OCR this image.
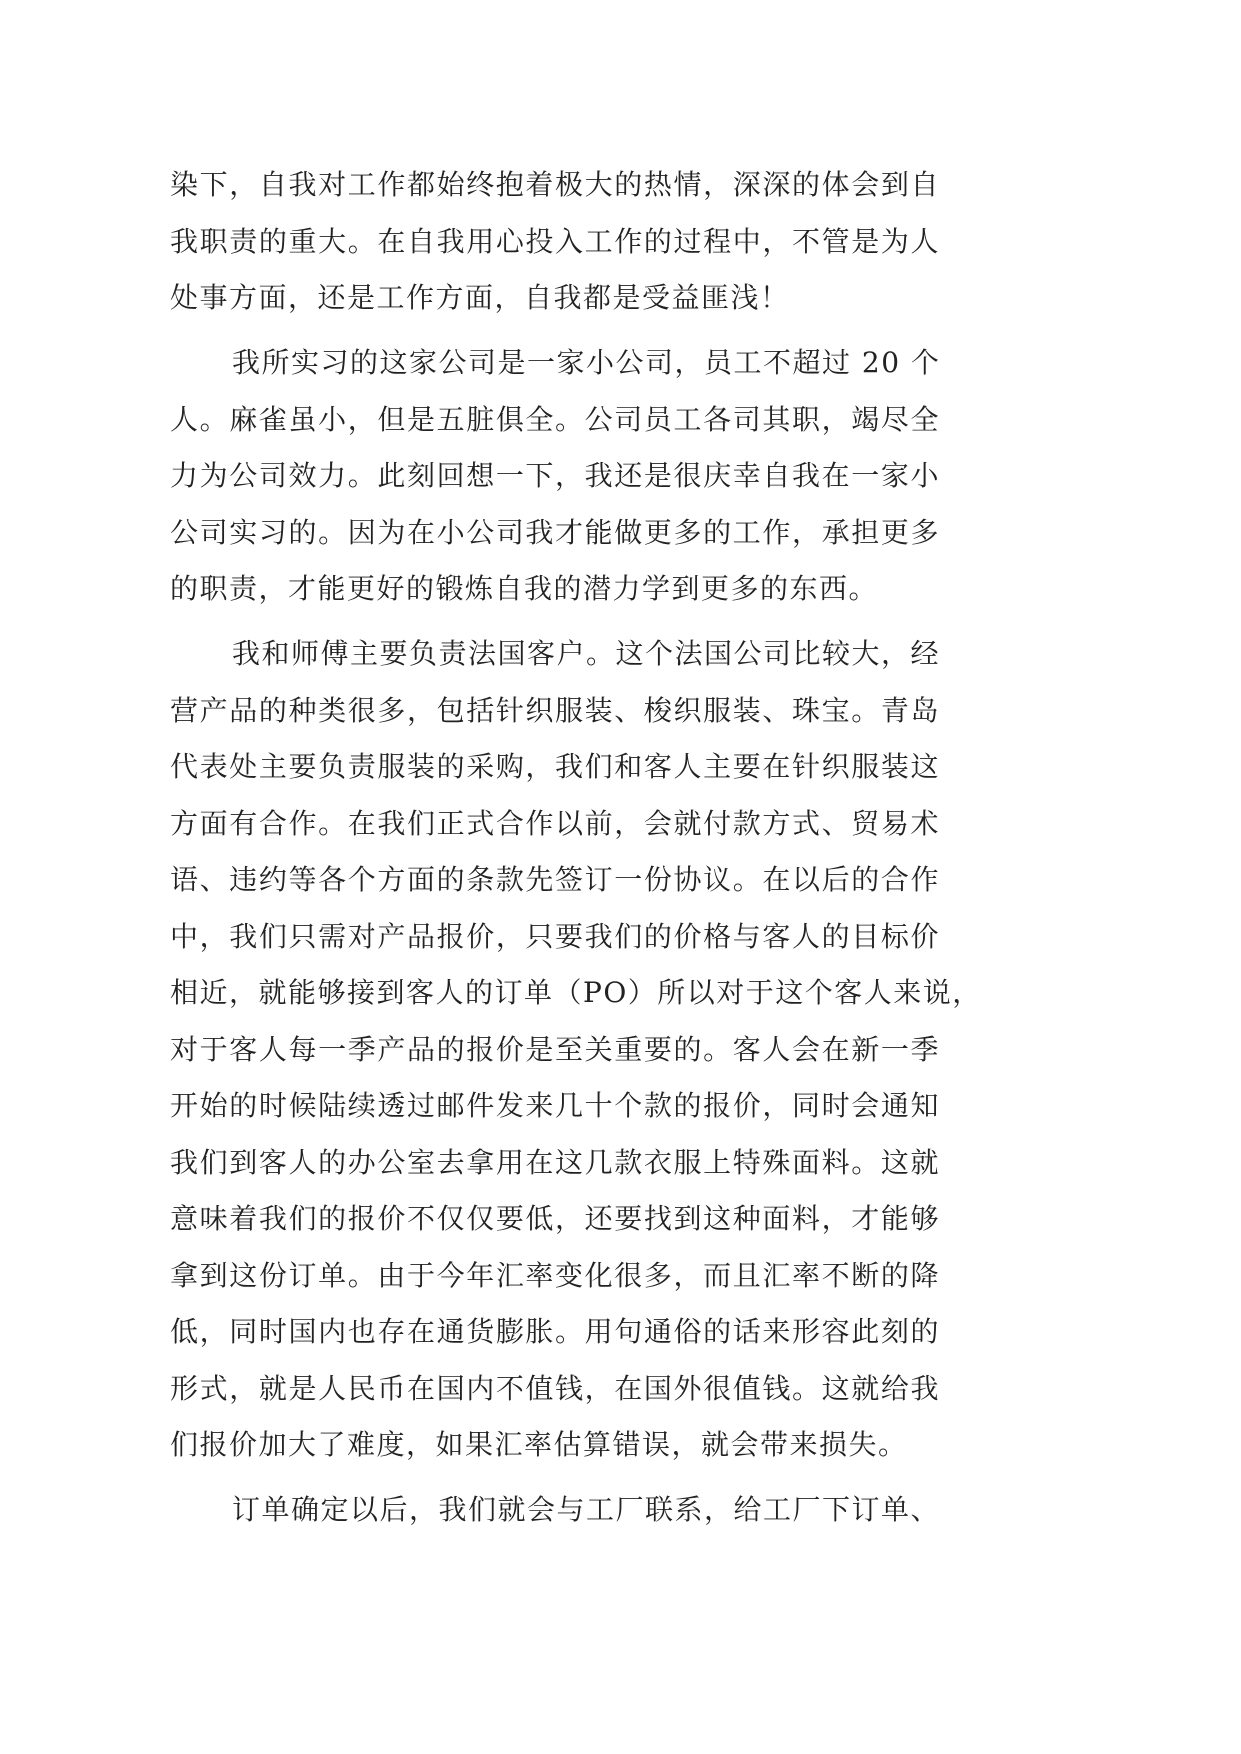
染下，自我对工作都始终抱着极大的热情，深深的体会到自
我职责的重大。在自我用心投入工作的过程中，不管是为人
处事方面，还是工作方面，自我都是受益匪浅！
我所实习的这家公司是一家小公司，员工不超过 20 个
人。麻雀虽小，但是五脏俱全。公司员工各司其职，竭尽全
力为公司效力。此刻回想一下，我还是很庆幸自我在一家小
公司实习的。因为在小公司我才能做更多的工作，承担更多
的职责，才能更好的锻炼自我的潜力学到更多的东西。
我和师傅主要负责法国客户。这个法国公司比较大，经
营产品的种类很多，包括针织服装、梭织服装、珠宝。青岛
代表处主要负责服装的采购，我们和客人主要在针织服装这
方面有合作。在我们正式合作以前，会就付款方式、贸易术
语、违约等各个方面的条款先签订一份协议。在以后的合作
中，我们只需对产品报价，只要我们的价格与客人的目标价
相近，就能够接到客人的订单（PO）所以对于这个客人来说，
对于客人每一季产品的报价是至关重要的。客人会在新一季
开始的时候陆续透过邮件发来几十个款的报价，同时会通知
我们到客人的办公室去拿用在这几款衣服上特殊面料。这就
意味着我们的报价不仅仅要低，还要找到这种面料，才能够
拿到这份订单。由于今年汇率变化很多，而且汇率不断的降
低，同时国内也存在通货膨胀。用句通俗的话来形容此刻的
形式，就是人民币在国内不值钱，在国外很值钱。这就给我
们报价加大了难度，如果汇率估算错误，就会带来损失。
订单确定以后，我们就会与工厂联系，给工厂下订单、
